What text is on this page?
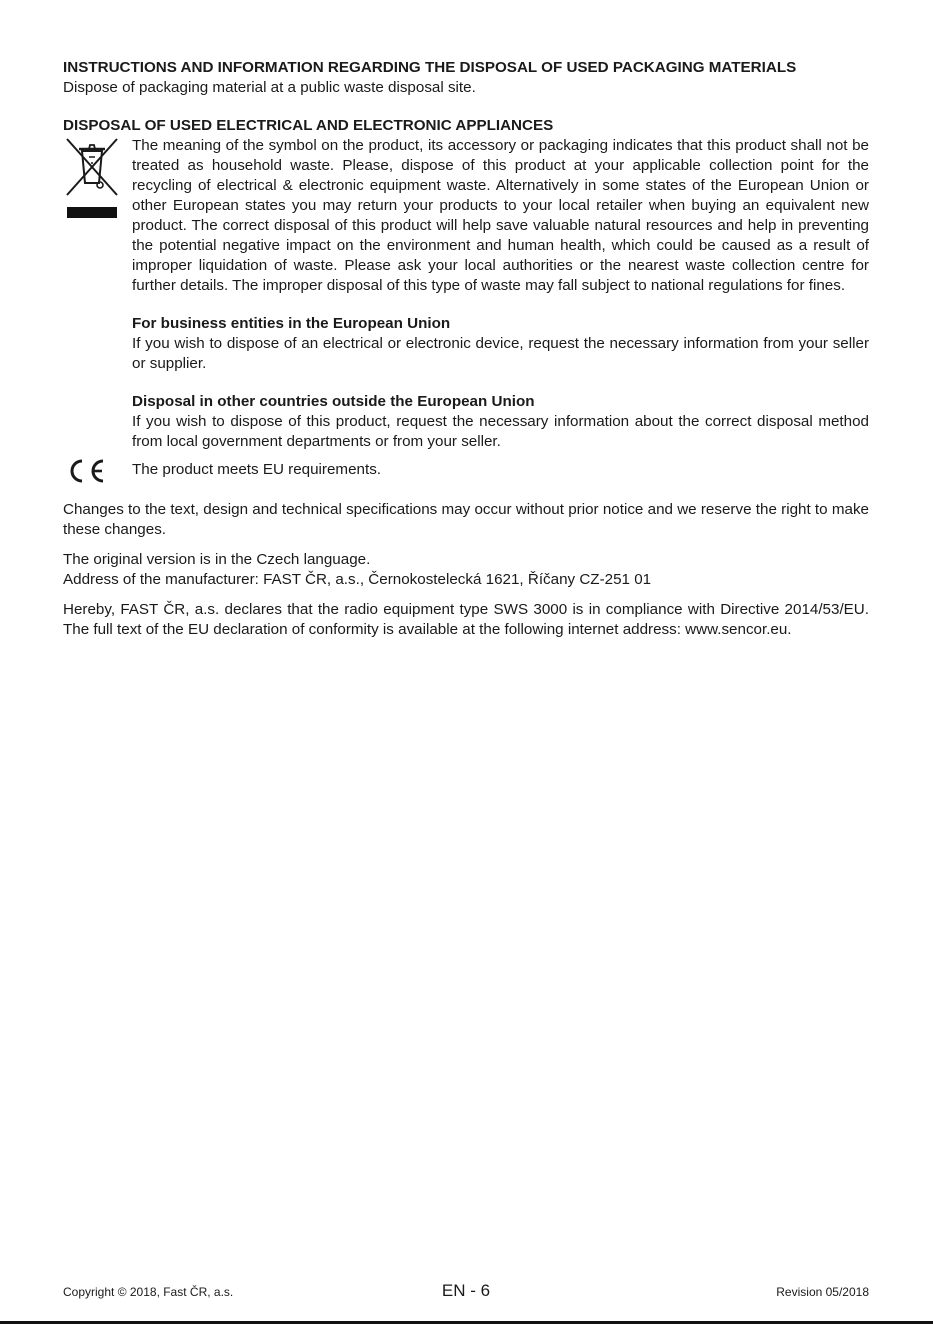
INSTRUCTIONS AND INFORMATION REGARDING THE DISPOSAL OF USED PACKAGING MATERIALS

Dispose of packaging material at a public waste disposal site.

DISPOSAL OF USED ELECTRICAL AND ELECTRONIC APPLIANCES

The meaning of the symbol on the product, its accessory or packaging indicates that this product shall not be treated as household waste. Please, dispose of this product at your applicable collection point for the recycling of electrical & electronic equipment waste. Alternatively in some states of the European Union or other European states you may return your products to your local retailer when buying an equivalent new product. The correct disposal of this product will help save valuable natural resources and help in preventing the potential negative impact on the environment and human health, which could be caused as a result of improper liquidation of waste. Please ask your local authorities or the nearest waste collection centre for further details. The improper disposal of this type of waste may fall subject to national regulations for fines.

For business entities in the European Union

If you wish to dispose of an electrical or electronic device, request the necessary information from your seller or supplier.

Disposal in other countries outside the European Union

If you wish to dispose of this product, request the necessary information about the correct disposal method from local government departments or from your seller.

The product meets EU requirements.

Changes to the text, design and technical specifications may occur without prior notice and we reserve the right to make these changes.

The original version is in the Czech language.

Address of the manufacturer: FAST ČR, a.s., Černokostelecká 1621, Říčany CZ-251 01

Hereby, FAST ČR, a.s. declares that the radio equipment type SWS 3000 is in compliance with Directive 2014/53/EU. The full text of the EU declaration of conformity is available at the following internet address: www.sencor.eu.

Copyright © 2018, Fast ČR, a.s.	EN - 6	Revision 05/2018
